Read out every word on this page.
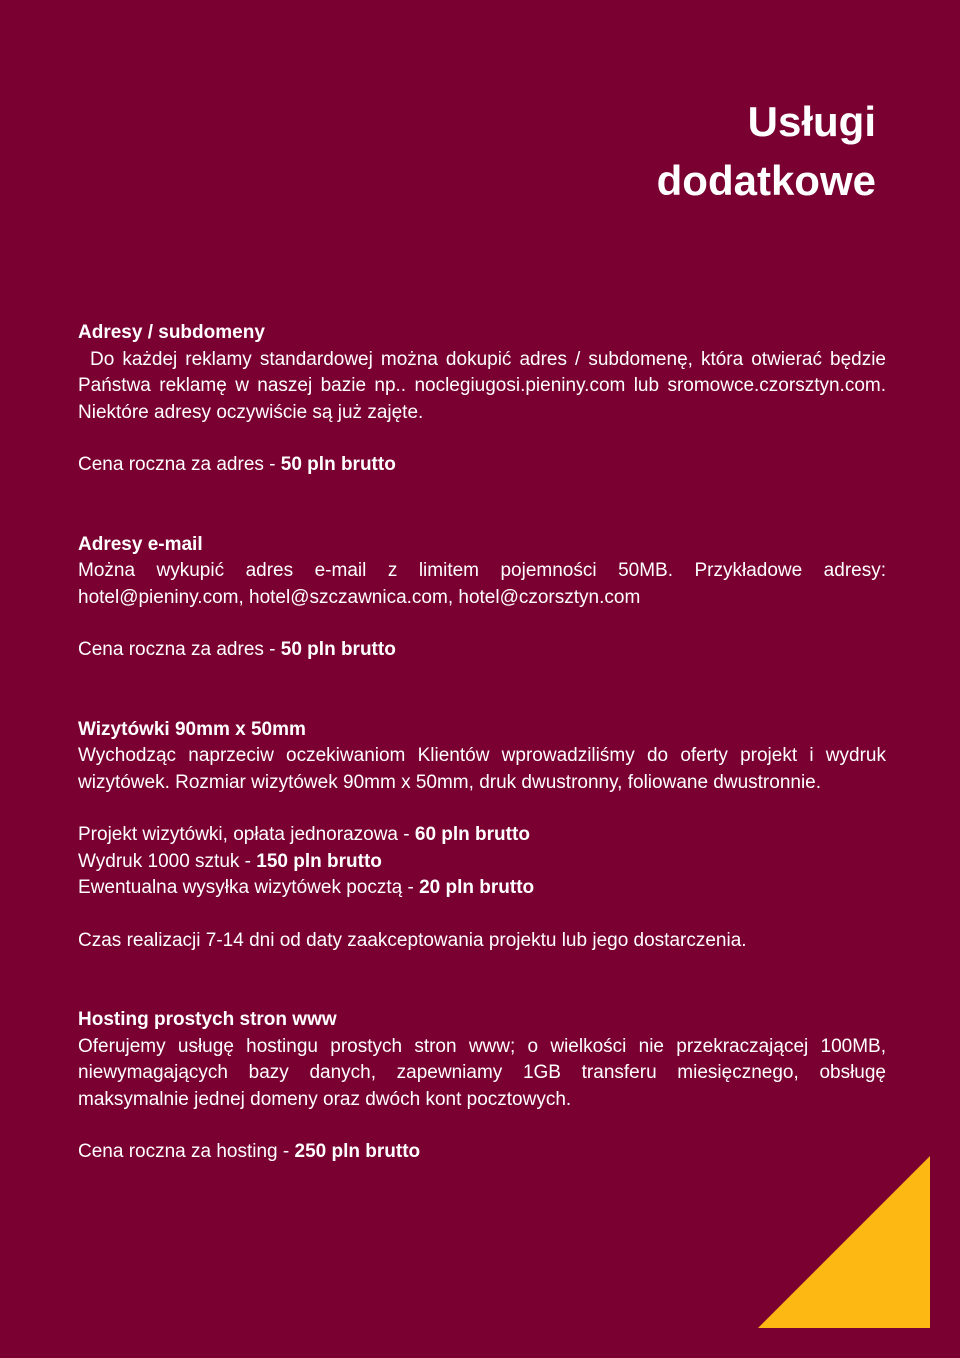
Usługi
dodatkowe

Adresy / subdomeny

Do każdej reklamy standardowej można dokupić adres / subdomenę, która otwierać będzie Państwa reklamę w naszej bazie np.. noclegiugosi.pieniny.com lub sromowce.czorsztyn.com. Niektóre adresy oczywiście są już zajęte.

Cena roczna za adres - 50 pln brutto

Adresy e-mail

Można wykupić adres e-mail z limitem pojemności 50MB. Przykładowe adresy: hotel@pieniny.com, hotel@szczawnica.com, hotel@czorsztyn.com

Cena roczna za adres - 50 pln brutto

Wizytówki 90mm x 50mm

Wychodząc naprzeciw oczekiwaniom Klientów wprowadziliśmy do oferty projekt i wydruk wizytówek. Rozmiar wizytówek 90mm x 50mm, druk dwustronny, foliowane dwustronnie.

Projekt wizytówki, opłata jednorazowa - 60 pln brutto

Wydruk 1000 sztuk - 150 pln brutto

Ewentualna wysyłka wizytówek pocztą - 20 pln brutto

Czas realizacji 7-14 dni od daty zaakceptowania projektu lub jego dostarczenia.

Hosting prostych stron www

Oferujemy usługę hostingu prostych stron www; o wielkości nie przekraczającej 100MB, niewymagających bazy danych, zapewniamy 1GB transferu miesięcznego, obsługę maksymalnie jednej domeny oraz dwóch kont pocztowych.

Cena roczna za hosting - 250 pln brutto
